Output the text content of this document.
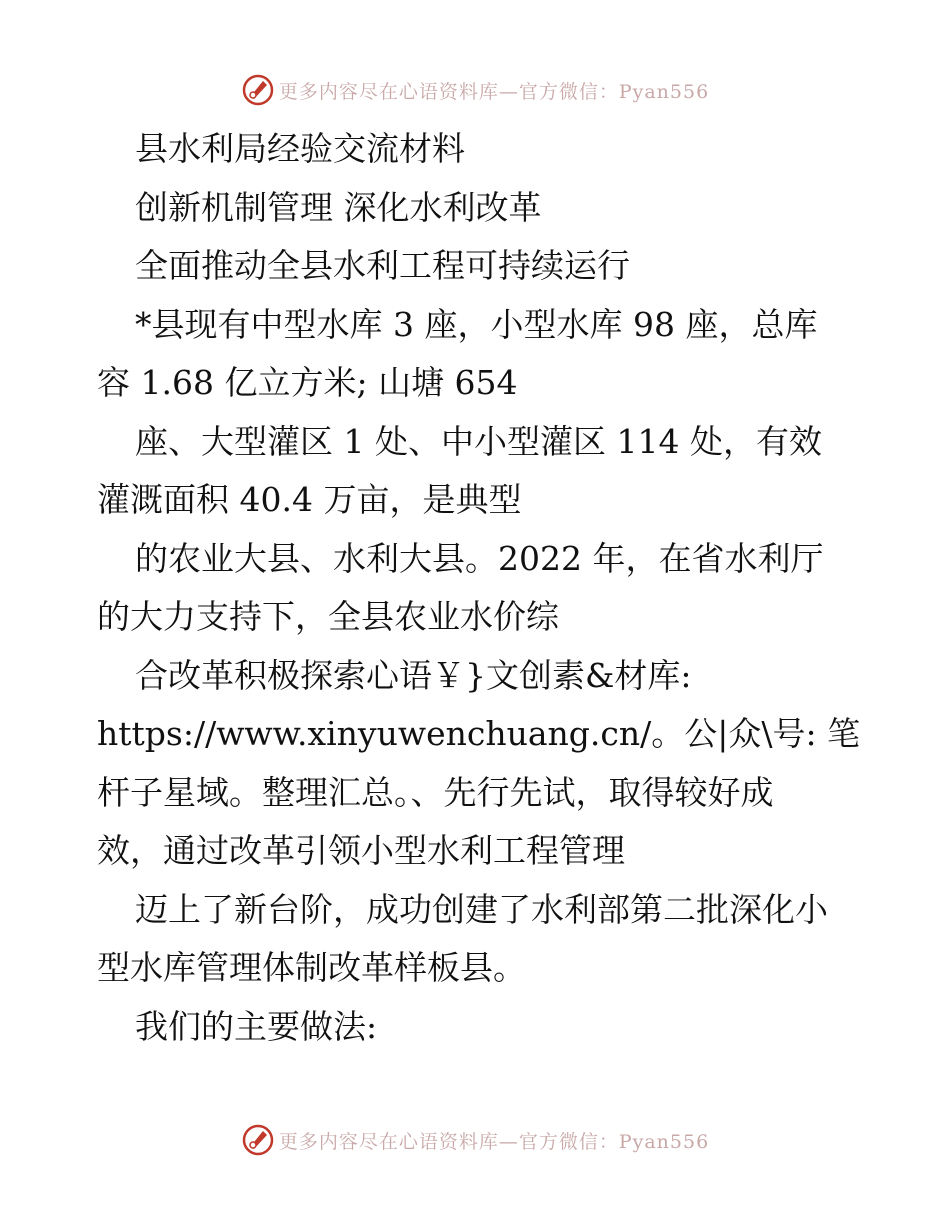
更多内容尽在心语资料库—官方微信：Pyan556
县水利局经验交流材料
创新机制管理 深化水利改革
全面推动全县水利工程可持续运行
*县现有中型水库 3 座，小型水库 98 座，总库
容 1.68 亿立方米; 山塘 654
座、大型灌区 1 处、中小型灌区 114 处，有效
灌溉面积 40.4 万亩，是典型
的农业大县、水利大县。2022 年，在省水利厅
的大力支持下，全县农业水价综
合改革积极探索心语￥}文创素&材库:
https://www.xinyuwenchuang.cn/。公|众\号: 笔
杆子星域。整理汇总。、先行先试，取得较好成
效，通过改革引领小型水利工程管理
迈上了新台阶，成功创建了水利部第二批深化小
型水库管理体制改革样板县。
我们的主要做法:
更多内容尽在心语资料库—官方微信：Pyan556
